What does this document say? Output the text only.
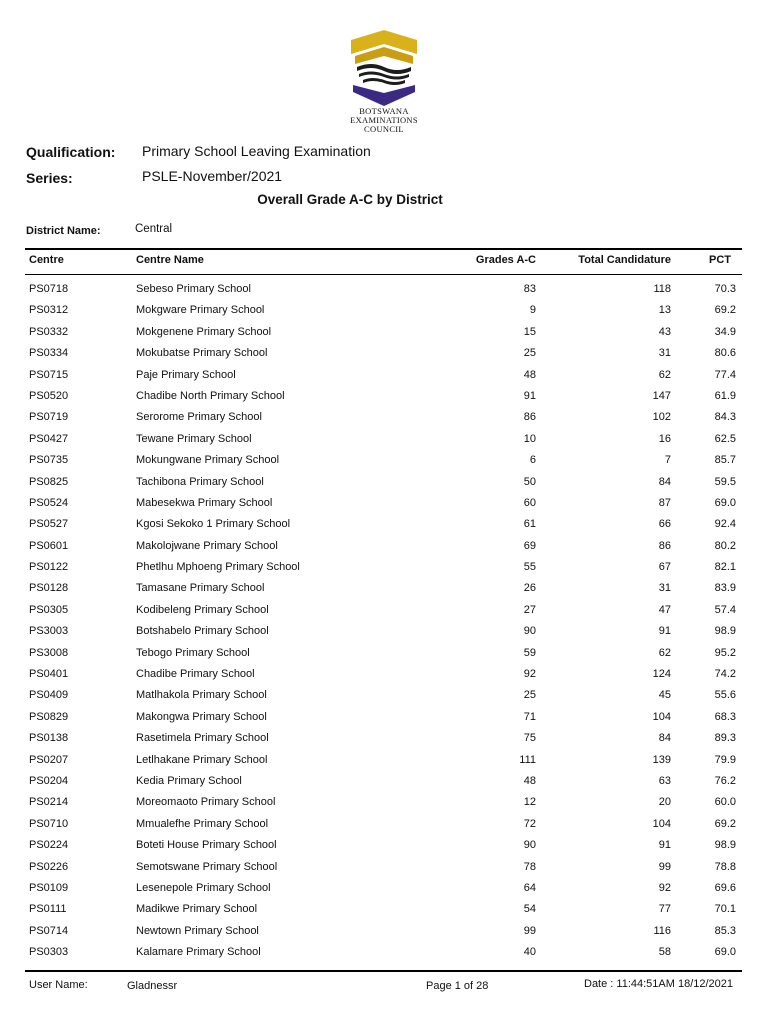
BOTSWANA
EXAMINATIONS
COUNCIL
Qualification: Primary School Leaving Examination
Series:	PSLE-November/2021
Overall Grade A-C by District
District Name:	Central
Centre	Centre Name	Grades A-C	Total Candidature	PCT
PS0718	Sebeso Primary School	83	118	70.3
PS0312	Mokgware Primary School	9	13	69.2
PS0332	Mokgenene Primary School	15	43	34.9
PS0334	Mokubatse Primary School	25	31	80.6
PS0715	Paje Primary School	48	62	77.4
PS0520	Chadibe North Primary School	91	147	61.9
PS0719	Serorome Primary School	86	102	84.3
PS0427	Tewane Primary School	10	16	62.5
PS0735	Mokungwane Primary School	6	7	85.7
PS0825	Tachibona Primary School	50	84	59.5
PS0524	Mabesekwa Primary School	60	87	69.0
PS0527	Kgosi Sekoko 1 Primary School	61	66	92.4
PS0601	Makolojwane Primary School	69	86	80.2
PS0122	Phetlhu Mphoeng Primary School	55	67	82.1
PS0128	Tamasane Primary School	26	31	83.9
PS0305	Kodibeleng Primary School	27	47	57.4
PS3003	Botshabelo Primary School	90	91	98.9
PS3008	Tebogo Primary School	59	62	95.2
PS0401	Chadibe Primary School	92	124	74.2
PS0409	Matlhakola Primary School	25	45	55.6
PS0829	Makongwa Primary School	71	104	68.3
PS0138	Rasetimela Primary School	75	84	89.3
PS0207	Letlhakane Primary School	111	139	79.9
PS0204	Kedia Primary School	48	63	76.2
PS0214	Moreomaoto Primary School	12	20	60.0
PS0710	Mmualefhe Primary School	72	104	69.2
PS0224	Boteti House Primary School	90	91	98.9
PS0226	Semotswane Primary School	78	99	78.8
PS0109	Lesenepole Primary School	64	92	69.6
PS0111	Madikwe Primary School	54	77	70.1
PS0714	Newtown Primary School	99	116	85.3
PS0303	Kalamare Primary School	40	58	69.0
User Name:	Gladnessr	Page 1 of 28	Date : 11:44:51AM 18/12/2021
